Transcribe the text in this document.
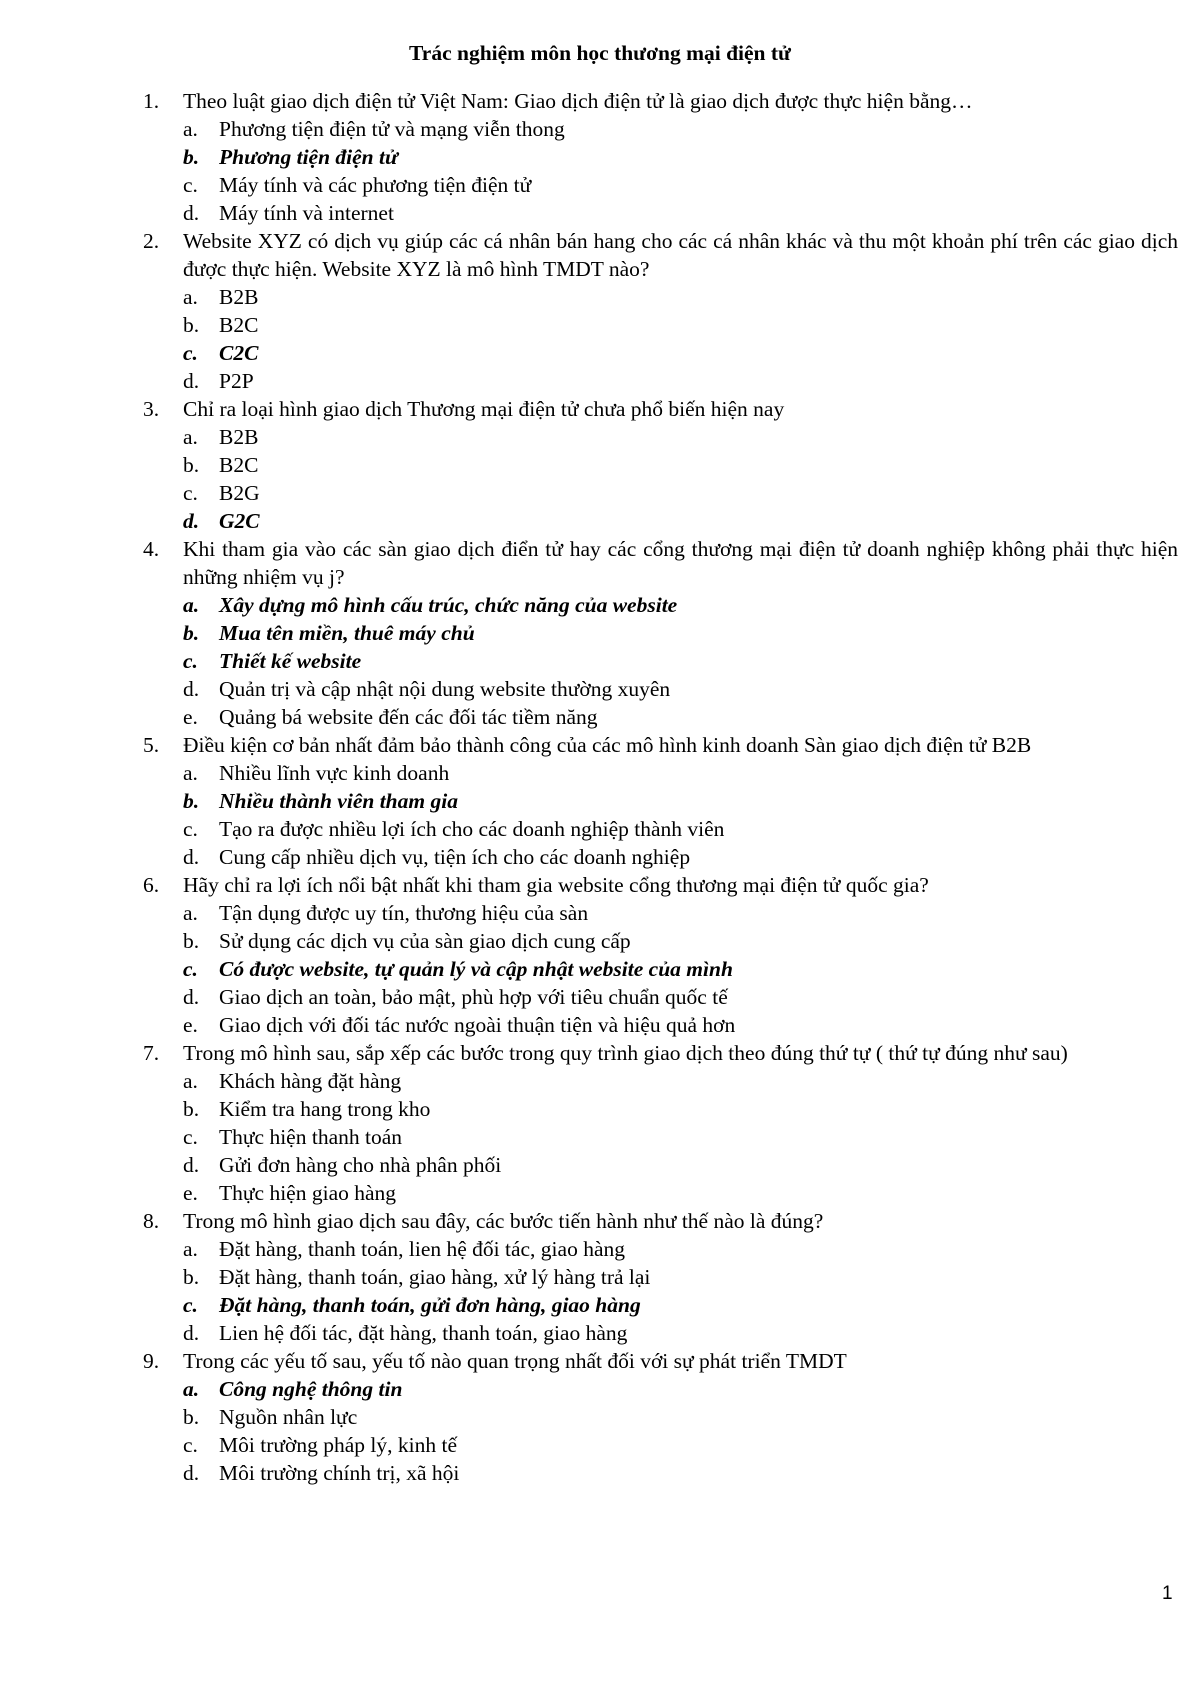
Trác nghiệm môn học thương mại điện tử
1.	Theo luật giao dịch điện tử Việt Nam: Giao dịch điện tử là giao dịch được thực hiện bằng…
a. Phương tiện điện tử và mạng viễn thong
b. Phương tiện điện tử
c. Máy tính và các phương tiện điện tử
d. Máy tính và internet
2.	Website XYZ có dịch vụ giúp các cá nhân bán hang cho các cá nhân khác và thu một khoản phí trên các giao dịch được thực hiện. Website XYZ là mô hình TMDT nào?
a. B2B
b. B2C
c. C2C
d. P2P
3.	Chỉ ra loại hình giao dịch Thương mại điện tử chưa phổ biến hiện nay
a. B2B
b. B2C
c. B2G
d. G2C
4.	Khi tham gia vào các sàn giao dịch điển tử hay các cổng thương mại điện tử doanh nghiệp không phải thực hiện những nhiệm vụ j?
a. Xây dựng mô hình cấu trúc, chức năng của website
b. Mua tên miền, thuê máy chủ
c. Thiết kế website
d. Quản trị và cập nhật nội dung website thường xuyên
e. Quảng bá website đến các đối tác tiềm năng
5.	Điều kiện cơ bản nhất đảm bảo thành công của các mô hình kinh doanh Sàn giao dịch điện tử B2B
a. Nhiều lĩnh vực kinh doanh
b. Nhiều thành viên tham gia
c. Tạo ra được nhiều lợi ích cho các doanh nghiệp thành viên
d. Cung cấp nhiều dịch vụ, tiện ích cho các doanh nghiệp
6.	Hãy chỉ ra lợi ích nổi bật nhất khi tham gia website cổng thương mại điện tử quốc gia?
a. Tận dụng được uy tín, thương hiệu của sàn
b. Sử dụng các dịch vụ của sàn giao dịch cung cấp
c. Có được website, tự quản lý và cập nhật website của mình
d. Giao dịch an toàn, bảo mật, phù hợp với tiêu chuẩn quốc tế
e. Giao dịch với đối tác nước ngoài thuận tiện và hiệu quả hơn
7.	Trong mô hình sau, sắp xếp các bước trong quy trình giao dịch theo đúng thứ tự ( thứ tự đúng như sau)
a. Khách hàng đặt hàng
b. Kiểm tra hang trong kho
c. Thực hiện thanh toán
d. Gửi đơn hàng cho nhà phân phối
e. Thực hiện giao hàng
8.	Trong mô hình giao dịch sau đây, các bước tiến hành như thế nào là đúng?
a. Đặt hàng, thanh toán, lien hệ đối tác, giao hàng
b. Đặt hàng, thanh toán, giao hàng, xử lý hàng trả lại
c. Đặt hàng, thanh toán, gửi đơn hàng, giao hàng
d. Lien hệ đối tác, đặt hàng, thanh toán, giao hàng
9.	Trong các yếu tố sau, yếu tố nào quan trọng nhất đối với sự phát triển TMDT
a. Công nghệ thông tin
b. Nguồn nhân lực
c. Môi trường pháp lý, kinh tế
d. Môi trường chính trị, xã hội
1
